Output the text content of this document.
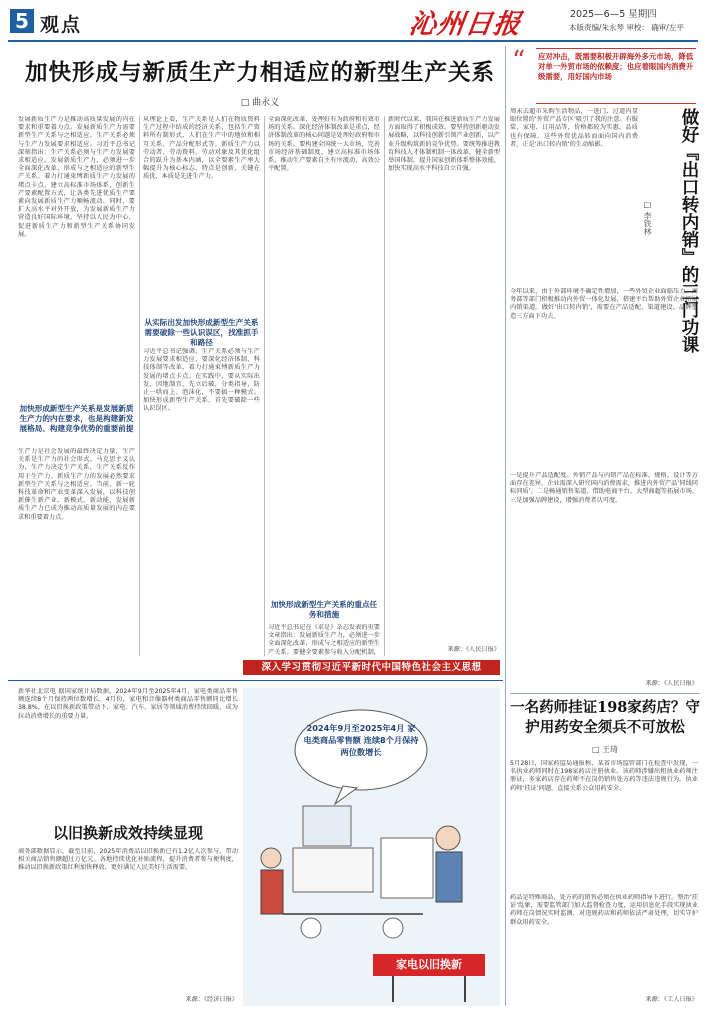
5 观点	沁州日报	2025—6—5 星期四
本版责编/朱永琴 审校： 确审/左平
加快形成与新质生产力相适应的新型生产关系
□ 曲永义
发展新质生产力是推动高质量发展的内在要求和重要着力点。发展新质生产力需要新型生产关系与之相适应。生产关系必须与生产力发展要求相适应。习近平总书记深刻指出：生产关系必须与生产力发展要求相适应。发展新质生产力，必须进一步全面深化改革，形成与之相适应的新型生产关系。着力打通束缚新质生产力发展的堵点卡点，建立高标准市场体系，创新生产要素配置方式，让各类先进优质生产要素向发展新质生产力顺畅流动。同时，要扩大高水平对外开放，为发展新质生产力营造良好国际环境。坚持以人民为中心，促进新质生产力和新型生产关系协同发展。
加快形成新型生产关系是发展新质生产力的内在要求，也是构建新发展格局、构建竞争优势的重要前提
生产力是社会发展的最终决定力量，生产关系是生产力的社会形式。马克思主义认为，生产力决定生产关系，生产关系反作用于生产力。新质生产力的发展必然要求新型生产关系与之相适应。当前，新一轮科技革命和产业变革深入发展，以科技创新催生新产业、新模式、新动能，发展新质生产力已成为推动高质量发展的内在要求和重要着力点。
从理论上看，生产关系是人们在物质资料生产过程中结成的经济关系，包括生产资料所有制形式、人们在生产中的地位和相互关系、产品分配形式等。新质生产力以劳动者、劳动资料、劳动对象及其优化组合的跃升为基本内涵，以全要素生产率大幅提升为核心标志，特点是创新，关键在质优，本质是先进生产力。
从实际出发加快形成新型生产关系需要破除一些认识误区，找准抓手和路径
习近平总书记强调，生产关系必须与生产力发展要求相适应，要深化经济体制、科技体制等改革，着力打通束缚新质生产力发展的堵点卡点。在实践中，要从实际出发，因地制宜，先立后破，分类指导，防止一哄而上、泡沫化，不要搞一种模式。加快形成新型生产关系，首先要破除一些认识误区。
全面深化改革，处理好有为政府和有效市场的关系。深化经济体制改革是重点，经济体制改革的核心问题是处理好政府和市场的关系。要构建全国统一大市场，完善市场经济基础制度，建立高标准市场体系，推动生产要素自主有序流动、高效公平配置。
加快形成新型生产关系的重点任务和措施
习近平总书记在《求是》杂志发表的重要文章指出：发展新质生产力，必须进一步全面深化改革，形成与之相适应的新型生产关系。要健全要素参与收入分配机制，
新时代以来，我国在推进新质生产力发展方面取得了积极成效。要坚持创新驱动发展战略，以科技创新引领产业创新，以产业升级构筑新的竞争优势。要统筹推进教育科技人才体制机制一体改革，健全新型举国体制，提升国家创新体系整体效能，加快实现高水平科技自立自强。
来源：《人民日报》
深入学习贯彻习近平新时代中国特色社会主义思想
“ 应对冲击，既需要积极开辟海外多元市场，降低对单一外贸市场的依赖度；也应着眼国内消费升级需要，用好国内市场
做好『出口转内销』的三门功课
□ 李铁林
周末去超市采购生活物品，一进门，过道内显眼位置的‘外贸产品专区’吸引了我的注意。有服装、家电、日用品等，价格都较为实惠，品质也有保障。这些外贸优品转而面向国内消费者，正是‘出口转内销’的生动缩影。
今年以来，由于外部环境不确定性增加，一些外贸企业面临压力。商务部等部门积极推动内外贸一体化发展，搭建平台帮助外贸企业拓展内销渠道。做好‘出口转内销’，需要在产品适配、渠道建设、品牌塑造三方面下功夫。
一是提升产品适配度。外销产品与内销产品在标准、规格、设计等方面存在差异，企业需深入研究国内消费需求，推进内外贸产品‘同线同标同质’。二是畅通销售渠道，借助电商平台、大型商超等拓展市场。三是加强品牌建设，增强消费者认可度。
来源：《人民日报》
一名药师挂证198家药店？守护用药安全须兵不可放松
□ 王琦
5月28日，国家药监局通报称，某省市场监管部门在检查中发现，一名执业药师同时在198家药店注册执业。该药师涉嫌出租执业药师注册证，多家药店存在药师不在岗仍销售处方药等违法违规行为。执业药师‘挂证’问题，直接关系公众用药安全。
药品是特殊商品，处方药的销售必须在执业药师指导下进行。整治‘挂证’乱象，需要监管部门加大监督检查力度，运用信息化手段实现执业药师在岗情况实时监测，对违规药店和药师依法严肃处理，切实守护群众用药安全。
来源：《工人日报》
新华社北京电 据国家统计局数据，2024年9月至2025年4月，家电类商品零售额连续8个月保持两位数增长。4月份，家电和音像器材类商品零售额同比增长38.8%。在以旧换新政策带动下，家电、汽车、家居等领域消费持续回暖，成为拉动消费增长的重要力量。
以旧换新成效持续显现
商务部数据显示，截至目前，2025年消费品以旧换新已有1.2亿人次参与，带动相关商品销售额超过万亿元。各地持续优化补贴流程，提升消费者参与便利度，推动以旧换新政策红利加快释放，更好满足人民美好生活需要。
来源：《经济日报》
2024年9月至2025年4月 家电类商品零售额 连续8个月保持两位数增长
家电以旧换新
